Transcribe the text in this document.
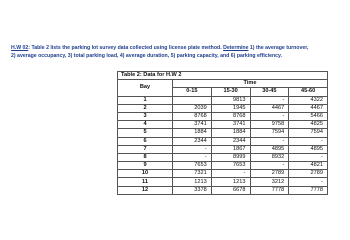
H.W 02: Table 2 lists the parking lot survey data collected using license plate method. Determine 1) the average turnover,
2) average occupancy, 3) total parking load, 4) average duration, 5) parking capacity, and 6) parking efficiency.
Table 2: Data for H.W 2				
Bay	Time			
	0-15	15-30	30-45	45-60
1		9813	-	4322
2	2039	1945	4467	4467
3	8768	8768	-	5466
4	3741	3741	9758	4825
5	1884	1884	7594	7594
6	2344	2344	-	-
7	-	1867	4895	4895
8	-	8999	8932	-
9	7653	7653	-	4821
10	7321	-	2789	2789
11	1213	1213	3212	-
12	3378	6678	7778	7778
